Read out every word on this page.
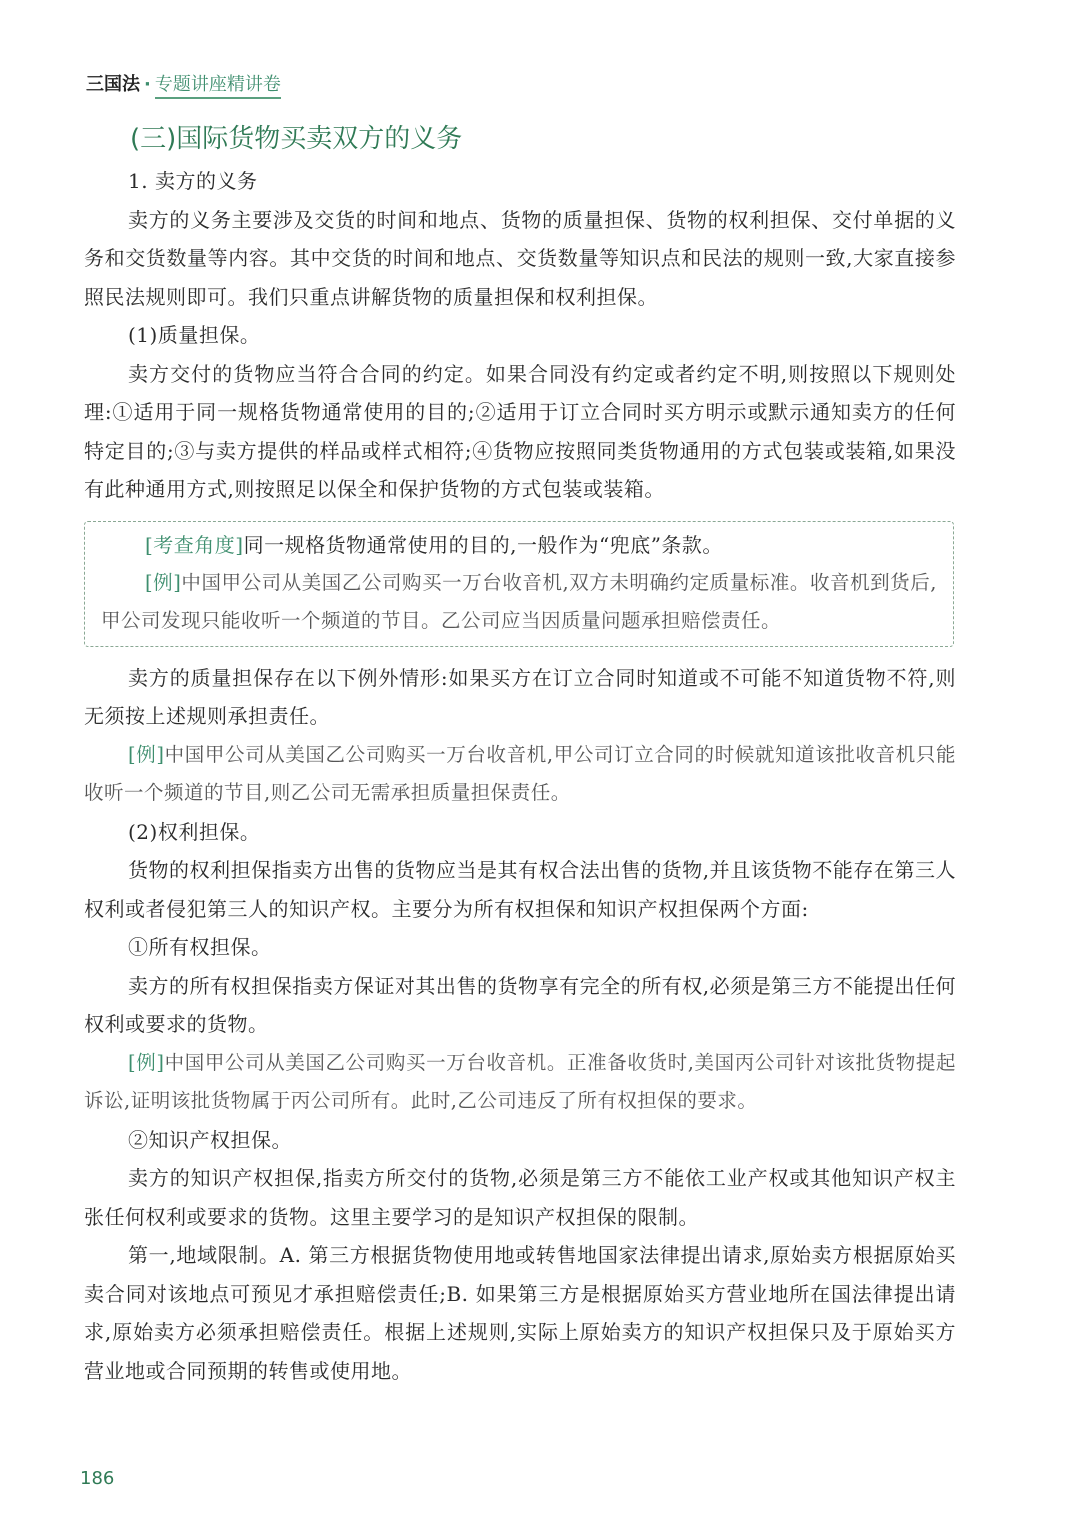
三国法 · 专题讲座精讲卷
(三)国际货物买卖双方的义务

1. 卖方的义务

卖方的义务主要涉及交货的时间和地点、货物的质量担保、货物的权利担保、交付单据的义务和交货数量等内容。其中交货的时间和地点、交货数量等知识点和民法的规则一致,大家直接参照民法规则即可。我们只重点讲解货物的质量担保和权利担保。

(1)质量担保。

卖方交付的货物应当符合合同的约定。如果合同没有约定或者约定不明,则按照以下规则处理:①适用于同一规格货物通常使用的目的;②适用于订立合同时买方明示或默示通知卖方的任何特定目的;③与卖方提供的样品或样式相符;④货物应按照同类货物通用的方式包装或装箱,如果没有此种通用方式,则按照足以保全和保护货物的方式包装或装箱。

[考查角度]同一规格货物通常使用的目的,一般作为“兜底”条款。

[例]中国甲公司从美国乙公司购买一万台收音机,双方未明确约定质量标准。收音机到货后,甲公司发现只能收听一个频道的节目。乙公司应当因质量问题承担赔偿责任。

卖方的质量担保存在以下例外情形:如果买方在订立合同时知道或不可能不知道货物不符,则无须按上述规则承担责任。

[例]中国甲公司从美国乙公司购买一万台收音机,甲公司订立合同的时候就知道该批收音机只能收听一个频道的节目,则乙公司无需承担质量担保责任。

(2)权利担保。

货物的权利担保指卖方出售的货物应当是其有权合法出售的货物,并且该货物不能存在第三人权利或者侵犯第三人的知识产权。主要分为所有权担保和知识产权担保两个方面:

①所有权担保。

卖方的所有权担保指卖方保证对其出售的货物享有完全的所有权,必须是第三方不能提出任何权利或要求的货物。

[例]中国甲公司从美国乙公司购买一万台收音机。正准备收货时,美国丙公司针对该批货物提起诉讼,证明该批货物属于丙公司所有。此时,乙公司违反了所有权担保的要求。

②知识产权担保。

卖方的知识产权担保,指卖方所交付的货物,必须是第三方不能依工业产权或其他知识产权主张任何权利或要求的货物。这里主要学习的是知识产权担保的限制。

第一,地域限制。A. 第三方根据货物使用地或转售地国家法律提出请求,原始卖方根据原始买卖合同对该地点可预见才承担赔偿责任;B. 如果第三方是根据原始买方营业地所在国法律提出请求,原始卖方必须承担赔偿责任。根据上述规则,实际上原始卖方的知识产权担保只及于原始买方营业地或合同预期的转售或使用地。

186
